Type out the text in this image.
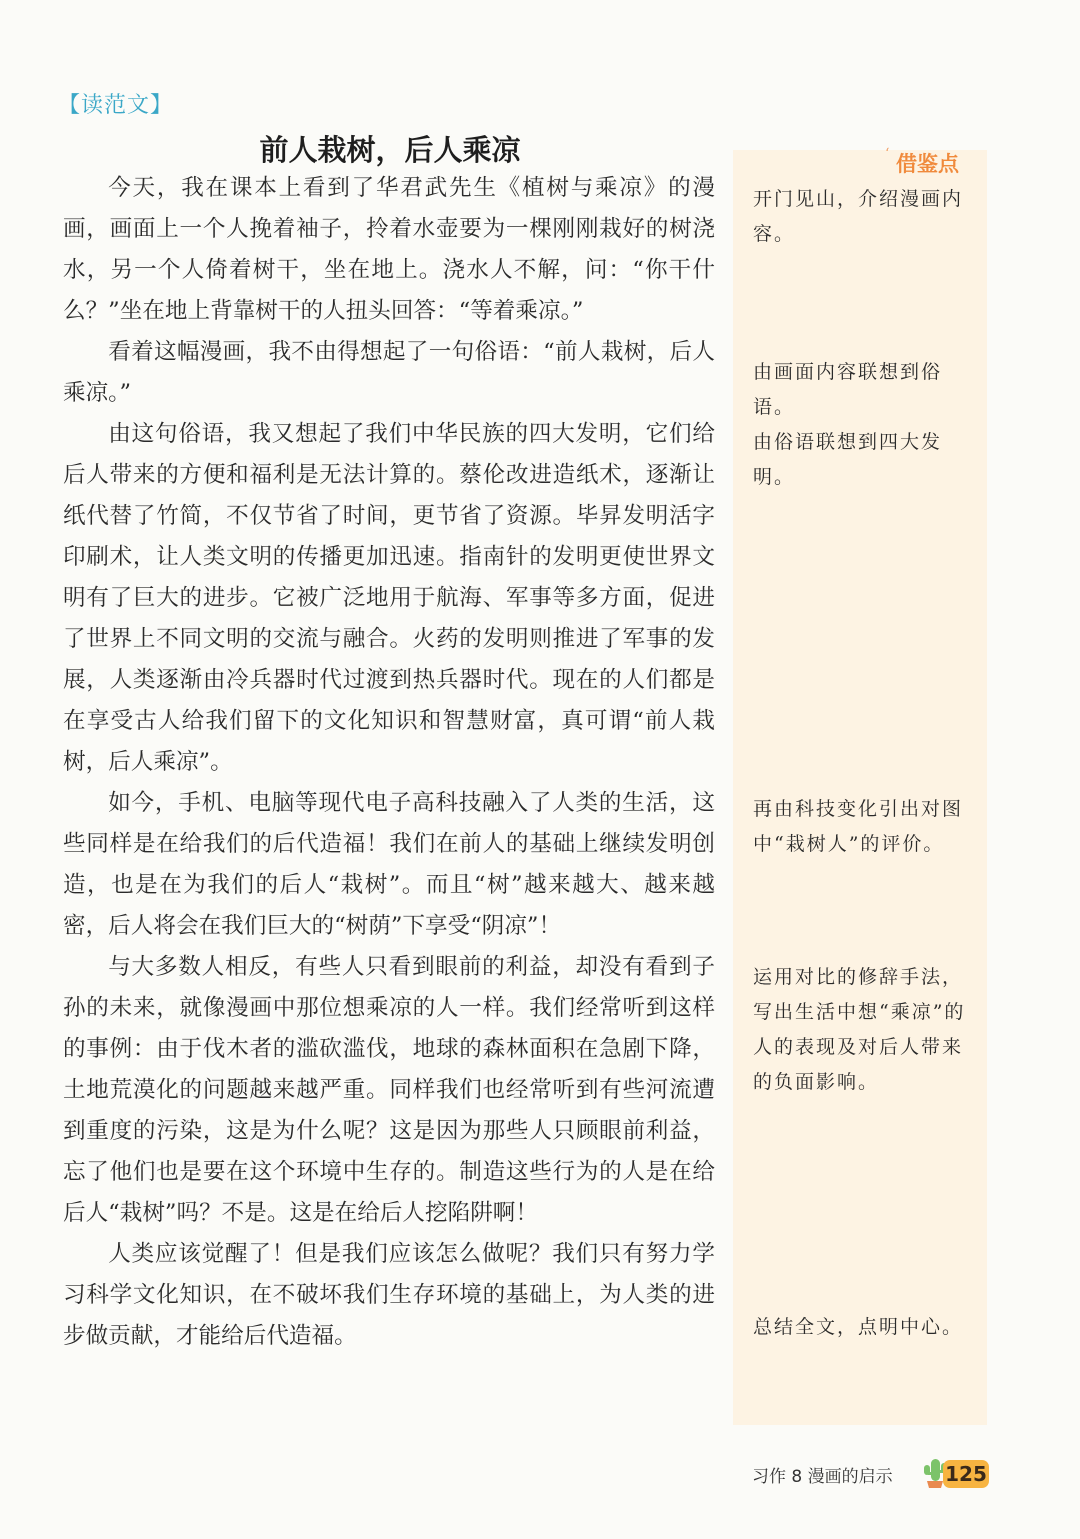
【读范文】
前人栽树，后人乘凉

今天，我在课本上看到了华君武先生《植树与乘凉》的漫画，画面上一个人挽着袖子，拎着水壶要为一棵刚刚栽好的树浇水，另一个人倚着树干，坐在地上。浇水人不解，问：“你干什么？”坐在地上背靠树干的人扭头回答：“等着乘凉。”

看着这幅漫画，我不由得想起了一句俗语：“前人栽树，后人乘凉。”

由这句俗语，我又想起了我们中华民族的四大发明，它们给后人带来的方便和福利是无法计算的。蔡伦改进造纸术，逐渐让纸代替了竹简，不仅节省了时间，更节省了资源。毕昇发明活字印刷术，让人类文明的传播更加迅速。指南针的发明更使世界文明有了巨大的进步。它被广泛地用于航海、军事等多方面，促进了世界上不同文明的交流与融合。火药的发明则推进了军事的发展，人类逐渐由冷兵器时代过渡到热兵器时代。现在的人们都是在享受古人给我们留下的文化知识和智慧财富，真可谓“前人栽树，后人乘凉”。

如今，手机、电脑等现代电子高科技融入了人类的生活，这些同样是在给我们的后代造福！我们在前人的基础上继续发明创造，也是在为我们的后人“栽树”。而且“树”越来越大、越来越密，后人将会在我们巨大的“树荫”下享受“阴凉”！

与大多数人相反，有些人只看到眼前的利益，却没有看到子孙的未来，就像漫画中那位想乘凉的人一样。我们经常听到这样的事例：由于伐木者的滥砍滥伐，地球的森林面积在急剧下降，土地荒漠化的问题越来越严重。同样我们也经常听到有些河流遭到重度的污染，这是为什么呢？这是因为那些人只顾眼前利益，忘了他们也是要在这个环境中生存的。制造这些行为的人是在给后人“栽树”吗？不是。这是在给后人挖陷阱啊！

人类应该觉醒了！但是我们应该怎么做呢？我们只有努力学习科学文化知识，在不破坏我们生存环境的基础上，为人类的进步做贡献，才能给后代造福。

‘ 借鉴点
开门见山，介绍漫画内容。
由画面内容联想到俗语。
由俗语联想到四大发明。
再由科技变化引出对图中“栽树人”的评价。
运用对比的修辞手法，写出生活中想“乘凉”的人的表现及对后人带来的负面影响。
总结全文，点明中心。
习作 8 漫画的启示	125
